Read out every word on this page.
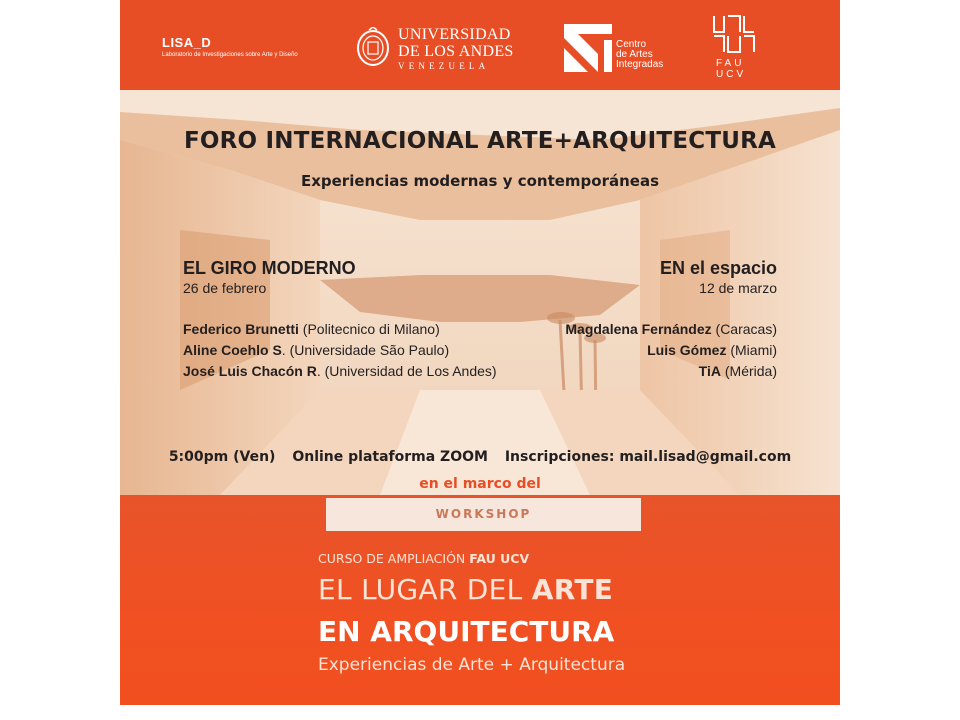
LISA_D
Laboratorio de Investigaciones sobre Arte y Diseño
UNIVERSIDAD
DE LOS ANDES
VENEZUELA
Centro
de Artes
Integradas	FAU
UCV
FORO INTERNACIONAL ARTE+ARQUITECTURA
Experiencias modernas y contemporáneas
EL GIRO MODERNO
26 de febrero
Federico Brunetti (Politecnico di Milano)
Aline Coehlo S. (Universidade São Paulo)
José Luis Chacón R. (Universidad de Los Andes)
EN el espacio
12 de marzo
Magdalena Fernández (Caracas)
Luis Gómez (Miami)
TiA (Mérida)
5:00pm (Ven) Online plataforma ZOOM Inscripciones: mail.lisad@gmail.com
en el marco del
WORKSHOP
CURSO DE AMPLIACIÓN FAU UCV
EL LUGAR DEL ARTE
EN ARQUITECTURA
Experiencias de Arte + Arquitectura
